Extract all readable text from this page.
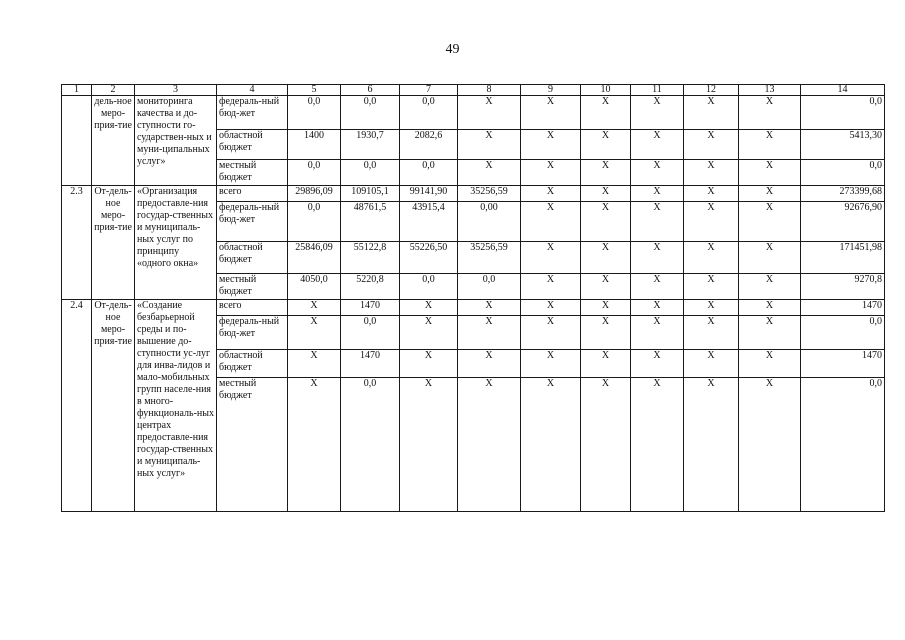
49
1	2	3	4	5	6	7	8	9	10	11	12	13	14
	дель-ное меро-прия-тие	мониторинга качества и до-ступности го-сударствен-ных и муни-ципальных услуг»	федераль-ный бюд-жет	0,0	0,0	0,0	X	X	X	X	X	X	0,0
			областной бюджет	1400	1930,7	2082,6	X	X	X	X	X	X	5413,30
			местный бюджет	0,0	0,0	0,0	X	X	X	X	X	X	0,0
2.3	От-дель-ное меро-прия-тие	«Организация предоставле-ния государ-ственных и муниципаль-ных услуг по принципу «одного окна»	всего	29896,09	109105,1	99141,90	35256,59	X	X	X	X	X	273399,68
			федераль-ный бюд-жет	0,0	48761,5	43915,4	0,00	X	X	X	X	X	92676,90
			областной бюджет	25846,09	55122,8	55226,50	35256,59	X	X	X	X	X	171451,98
			местный бюджет	4050,0	5220,8	0,0	0,0	X	X	X	X	X	9270,8
2.4	От-дель-ное меро-прия-тие	«Создание безбарьерной среды и по-вышение до-ступности ус-луг для инва-лидов и мало-мобильных групп населе-ния в много-функциональ-ных центрах предоставле-ния государ-ственных и муниципаль-ных услуг»	всего	X	1470	X	X	X	X	X	X	X	1470
			федераль-ный бюд-жет	X	0,0	X	X	X	X	X	X	X	0,0
			областной бюджет	X	1470	X	X	X	X	X	X	X	1470
			местный бюджет	X	0,0	X	X	X	X	X	X	X	0,0
